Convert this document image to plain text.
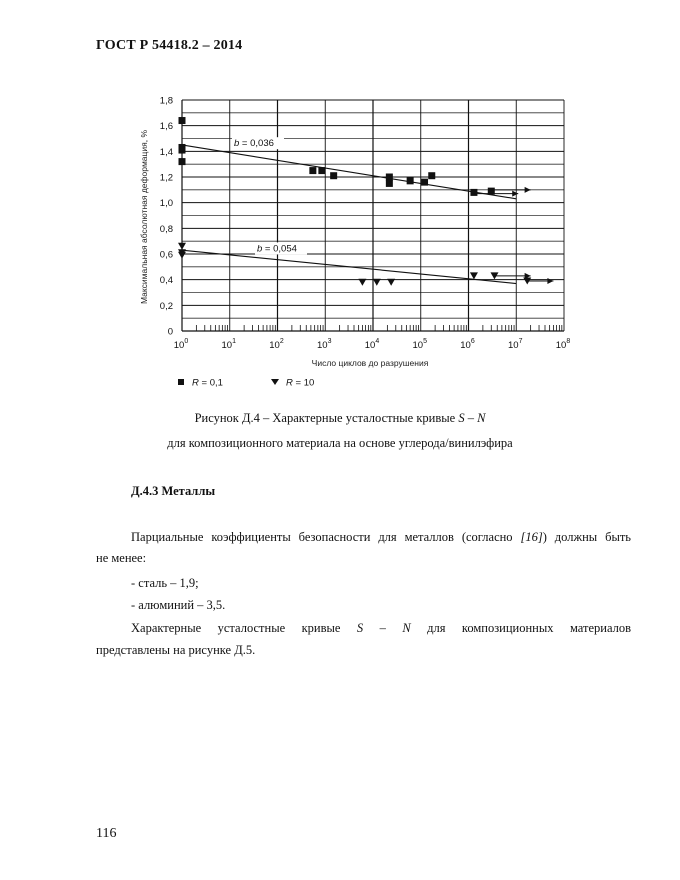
ГОСТ Р 54418.2 – 2014
0
0,2
0,4
0,6
0,8
1,0
1,2
1,4
1,6
1,8
$10^0$	$10^1$	$10^2$	$10^3$	$10^4$	$10^5$	$10^6$	$10^7$	$10^8$
b = 0,036
b = 0,054
R = 0,1	R = 10
Максимальная абсолютная деформация, %
Число циклов до разрушения
Рисунок Д.4 – Характерные усталостные кривые S – N
для композиционного материала на основе углерода/винилэфира
Д.4.3 Металлы
Парциальные коэффициенты безопасности для металлов (согласно [16]) должны быть
не менее:
- сталь – 1,9;
- алюминий – 3,5.
Характерные усталостные кривые S – N для композиционных материалов
представлены на рисунке Д.5.
116
